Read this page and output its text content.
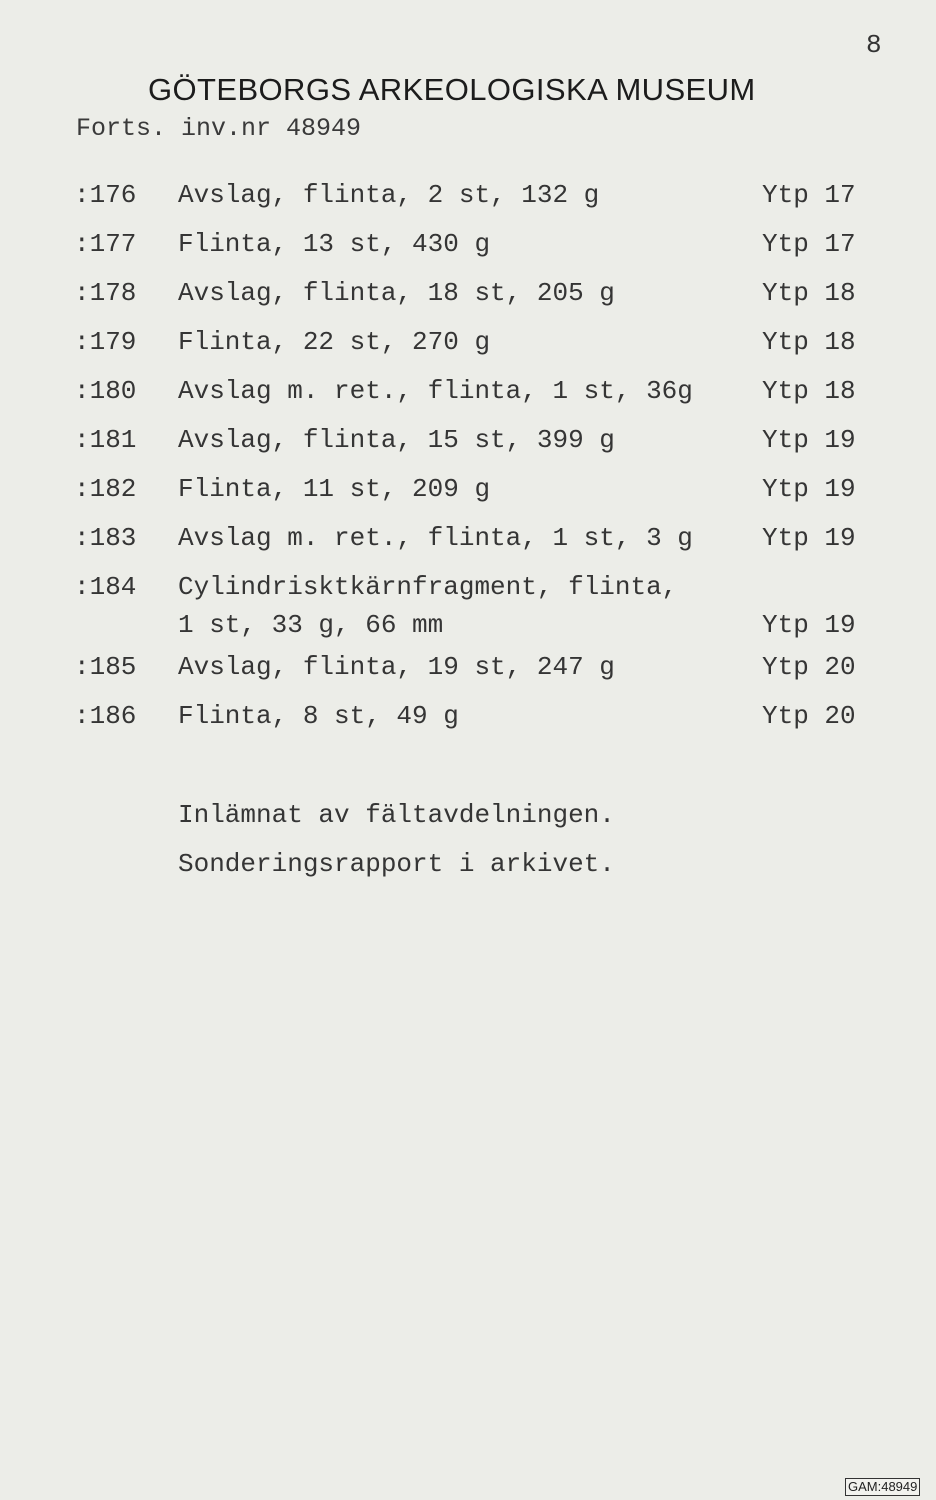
8
GÖTEBORGS ARKEOLOGISKA MUSEUM
Forts. inv.nr 48949
:176 Avslag, flinta, 2 st, 132 g	Ytp 17
:177 Flinta, 13 st, 430 g	Ytp 17
:178 Avslag, flinta, 18 st, 205 g	Ytp 18
:179 Flinta, 22 st, 270 g	Ytp 18
:180 Avslag m. ret., flinta, 1 st, 36g	Ytp 18
:181 Avslag, flinta, 15 st, 399 g	Ytp 19
:182 Flinta, 11 st, 209 g	Ytp 19
:183 Avslag m. ret., flinta, 1 st, 3 g	Ytp 19
:184 Cylindrisktkärnfragment, flinta,
1 st, 33 g, 66 mm	Ytp 19
:185 Avslag, flinta, 19 st, 247 g	Ytp 20
:186 Flinta, 8 st, 49 g	Ytp 20
Inlämnat av fältavdelningen.
Sonderingsrapport i arkivet.
GAM:48949
